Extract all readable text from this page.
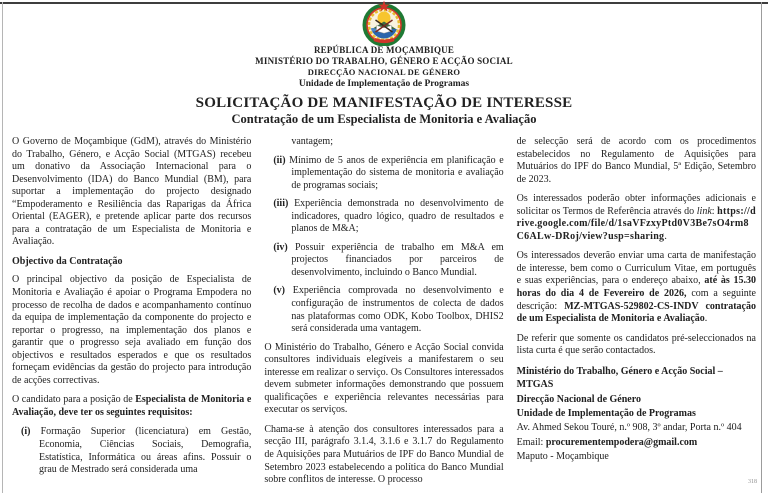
REPÚBLICA DE MOÇAMBIQUE
MINISTÉRIO DO TRABALHO, GÉNERO E ACÇÃO SOCIAL
DIRECÇÃO NACIONAL DE GÉNERO
Unidade de Implementação de Programas
SOLICITAÇÃO DE MANIFESTAÇÃO DE INTERESSE
Contratação de um Especialista de Monitoria e Avaliação
O Governo de Moçambique (GdM), através do Ministério do Trabalho, Género, e Acção Social (MTGAS) recebeu um donativo da Associação Internacional para o Desenvolvimento (IDA) do Banco Mundial (BM), para suportar a implementação do projecto designado “Empoderamento e Resiliência das Raparigas da África Oriental (EAGER), e pretende aplicar parte dos recursos para a contratação de um Especialista de Monitoria e Avaliação.
Objectivo da Contratação
O principal objectivo da posição de Especialista de Monitoria e Avaliação é apoiar o Programa Empodera no processo de recolha de dados e acompanhamento contínuo da equipa de implementação da componente do projecto e reportar o progresso, na implementação dos planos e garantir que o progresso seja avaliado em função dos objectivos e resultados esperados e que os resultados forneçam evidências da gestão do projecto para introdução de acções correctivas.
O candidato para a posição de Especialista de Monitoria e Avaliação, deve ter os seguintes requisitos:
(i) Formação Superior (licenciatura) em Gestão, Economia, Ciências Sociais, Demografia, Estatística, Informática ou áreas afins. Possuir o grau de Mestrado será considerada uma
vantagem;
(ii) Mínimo de 5 anos de experiência em planificação e implementação do sistema de monitoria e avaliação de programas sociais;
(iii) Experiência demonstrada no desenvolvimento de indicadores, quadro lógico, quadro de resultados e planos de M&A;
(iv) Possuir experiência de trabalho em M&A em projectos financiados por parceiros de desenvolvimento, incluindo o Banco Mundial.
(v) Experiência comprovada no desenvolvimento e configuração de instrumentos de colecta de dados nas plataformas como ODK, Kobo Toolbox, DHIS2 será considerada uma vantagem.
O Ministério do Trabalho, Género e Acção Social convida consultores individuais elegíveis a manifestarem o seu interesse em realizar o serviço. Os Consultores interessados devem submeter informações demonstrando que possuem qualificações e experiência relevantes necessárias para executar os serviços.
Chama-se à atenção dos consultores interessados para a secção III, parágrafo 3.1.4, 3.1.6 e 3.1.7 do Regulamento de Aquisições para Mutuários de IPF do Banco Mundial de Setembro 2023 estabelecendo a política do Banco Mundial sobre conflitos de interesse. O processo
de selecção será de acordo com os procedimentos estabelecidos no Regulamento de Aquisições para Mutuários do IPF do Banco Mundial, 5ª Edição, Setembro de 2023.
Os interessados poderão obter informações adicionais e solicitar os Termos de Referência através do link: https://drive.google.com/file/d/1saVFzxyPtd0V3Be7sO4rm8C6ALw-DRoj/view?usp=sharing.
Os interessados deverão enviar uma carta de manifestação de interesse, bem como o Curriculum Vitae, em português e suas experiências, para o endereço abaixo, até às 15.30 horas do dia 4 de Fevereiro de 2026, com a seguinte descrição: MZ-MTGAS-529802-CS-INDV contratação de um Especialista de Monitoria e Avaliação.
De referir que somente os candidatos pré-seleccionados na lista curta é que serão contactados.
Ministério do Trabalho, Género e Acção Social – MTGAS
Direcção Nacional de Género
Unidade de Implementação de Programas
Av. Ahmed Sekou Touré, n.º 908, 3º andar, Porta n.º 404
Email: procurementempodera@gmail.com
Maputo - Moçambique
318
